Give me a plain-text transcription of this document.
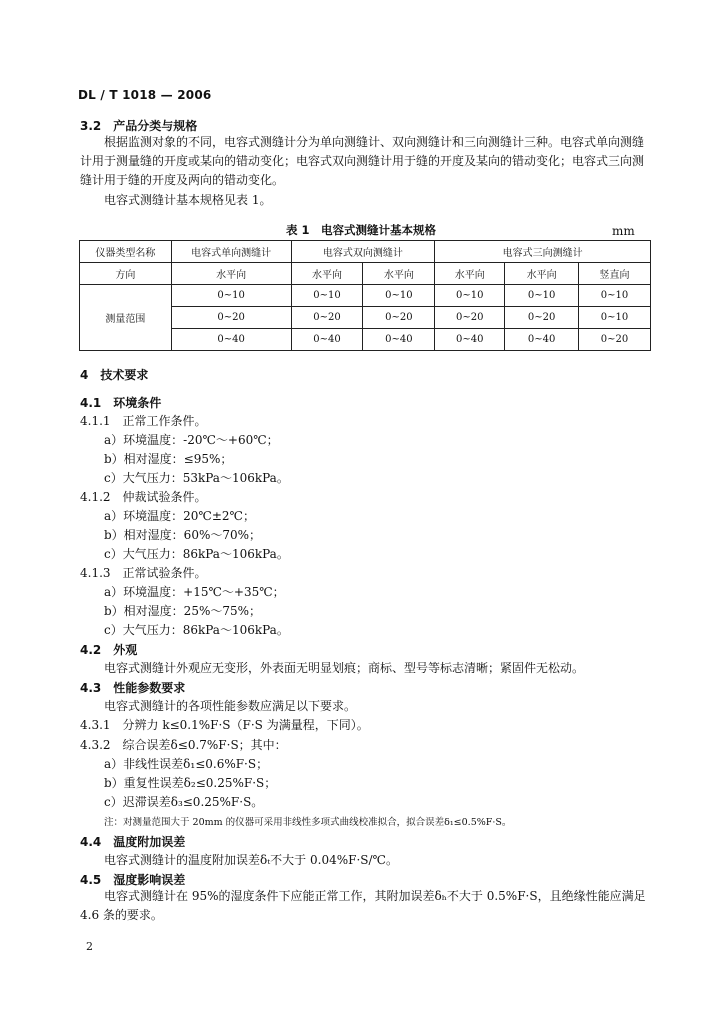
DL / T 1018 — 2006
3.2　产品分类与规格
根据监测对象的不同，电容式测缝计分为单向测缝计、双向测缝计和三向测缝计三种。电容式单向测缝计用于测量缝的开度或某向的错动变化；电容式双向测缝计用于缝的开度及某向的错动变化；电容式三向测缝计用于缝的开度及两向的错动变化。
电容式测缝计基本规格见表 1。
表 1　电容式测缝计基本规格	mm
仪器类型名称	电容式单向测缝计	电容式双向测缝计		电容式三向测缝计		
方向	水平向	水平向	水平向	水平向	水平向	竖直向
测量范围	0~10	0~10	0~10	0~10	0~10	0~10
	0~20	0~20	0~20	0~20	0~20	0~10
	0~40	0~40	0~40	0~40	0~40	0~20
4　技术要求
4.1　环境条件
4.1.1　正常工作条件。
a）环境温度：-20℃～+60℃；
b）相对湿度：≤95%；
c）大气压力：53kPa～106kPa。
4.1.2　仲裁试验条件。
a）环境温度：20℃±2℃；
b）相对湿度：60%～70%；
c）大气压力：86kPa～106kPa。
4.1.3　正常试验条件。
a）环境温度：+15℃～+35℃；
b）相对湿度：25%～75%；
c）大气压力：86kPa～106kPa。
4.2　外观
电容式测缝计外观应无变形，外表面无明显划痕；商标、型号等标志清晰；紧固件无松动。
4.3　性能参数要求
电容式测缝计的各项性能参数应满足以下要求。
4.3.1　分辨力 k≤0.1%F·S（F·S 为满量程，下同）。
4.3.2　综合误差δ≤0.7%F·S；其中：
a）非线性误差δ₁≤0.6%F·S；
b）重复性误差δ₂≤0.25%F·S；
c）迟滞误差δ₃≤0.25%F·S。
注：对测量范围大于 20mm 的仪器可采用非线性多项式曲线校准拟合，拟合误差δ₁≤0.5%F·S。
4.4　温度附加误差
电容式测缝计的温度附加误差δₜ不大于 0.04%F·S/℃。
4.5　湿度影响误差
电容式测缝计在 95%的湿度条件下应能正常工作，其附加误差δₕ不大于 0.5%F·S，且绝缘性能应满足 4.6 条的要求。
2
